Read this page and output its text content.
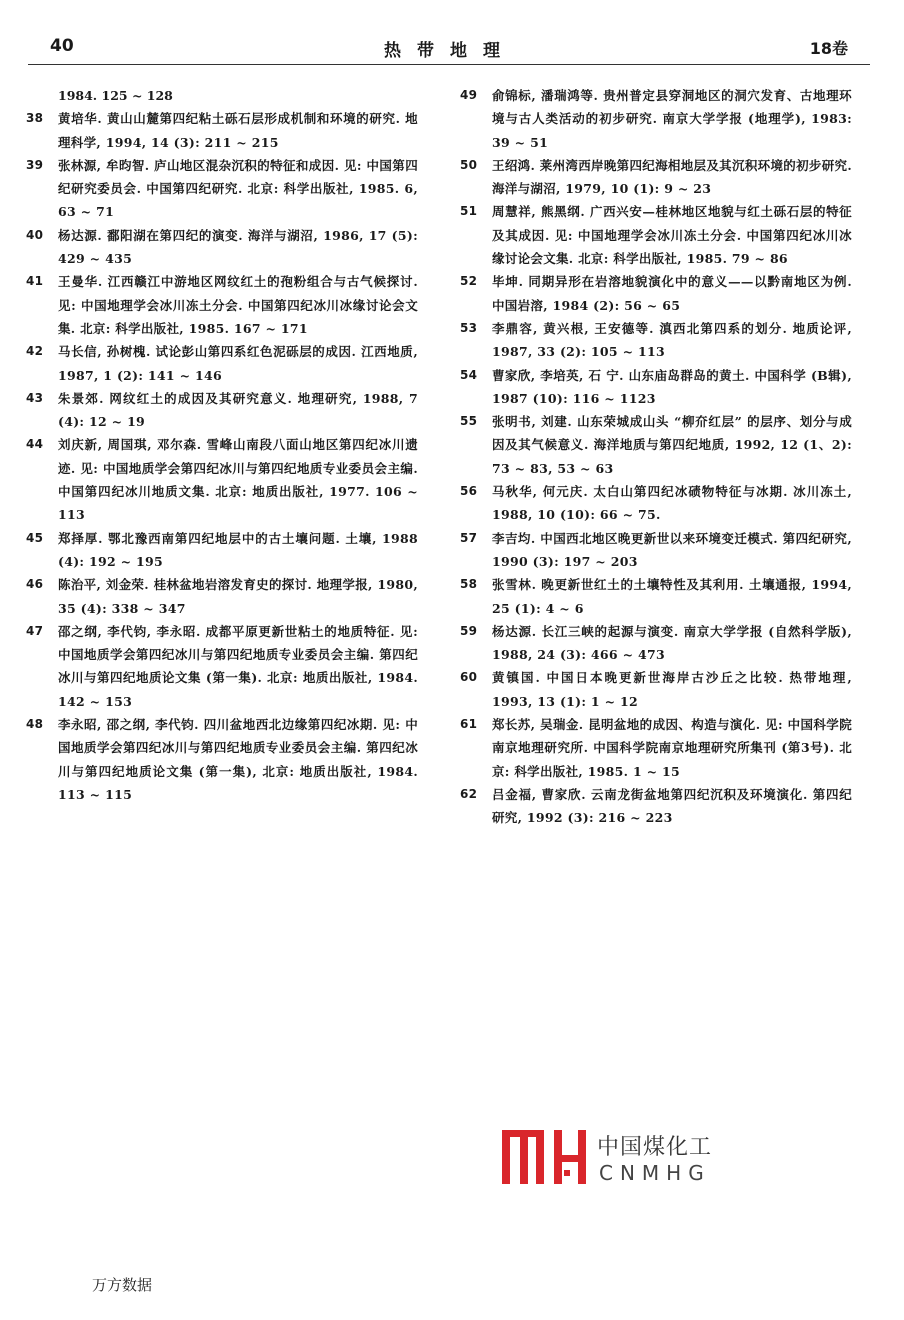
40	热带地理	18卷
1984. 125 ~ 128
38	黄培华. 黄山山麓第四纪粘土砾石层形成机制和环境的研究. 地理科学, 1994, 14 (3): 211 ~ 215
39	张林源, 牟昀智. 庐山地区混杂沉积的特征和成因. 见: 中国第四纪研究委员会. 中国第四纪研究. 北京: 科学出版社, 1985. 6, 63 ~ 71
40	杨达源. 鄱阳湖在第四纪的演变. 海洋与湖沼, 1986, 17 (5): 429 ~ 435
41	王曼华. 江西赣江中游地区网纹红土的孢粉组合与古气候探讨. 见: 中国地理学会冰川冻土分会. 中国第四纪冰川冰缘讨论会文集. 北京: 科学出版社, 1985. 167 ~ 171
42	马长信, 孙树槐. 试论彭山第四系红色泥砾层的成因. 江西地质, 1987, 1 (2): 141 ~ 146
43	朱景郊. 网纹红土的成因及其研究意义. 地理研究, 1988, 7 (4): 12 ~ 19
44	刘庆新, 周国琪, 邓尔森. 雪峰山南段八面山地区第四纪冰川遗迹. 见: 中国地质学会第四纪冰川与第四纪地质专业委员会主编. 中国第四纪冰川地质文集. 北京: 地质出版社, 1977. 106 ~ 113
45	郑择厚. 鄂北豫西南第四纪地层中的古土壤问题. 土壤, 1988 (4): 192 ~ 195
46	陈治平, 刘金荣. 桂林盆地岩溶发育史的探讨. 地理学报, 1980, 35 (4): 338 ~ 347
47	邵之纲, 李代钧, 李永昭. 成都平原更新世粘土的地质特征. 见: 中国地质学会第四纪冰川与第四纪地质专业委员会主编. 第四纪冰川与第四纪地质论文集 (第一集). 北京: 地质出版社, 1984. 142 ~ 153
48	李永昭, 邵之纲, 李代钧. 四川盆地西北边缘第四纪冰期. 见: 中国地质学会第四纪冰川与第四纪地质专业委员会主编. 第四纪冰川与第四纪地质论文集 (第一集), 北京: 地质出版社, 1984. 113 ~ 115
49	俞锦标, 潘瑞鸿等. 贵州普定县穿洞地区的洞穴发育、古地理环境与古人类活动的初步研究. 南京大学学报 (地理学), 1983: 39 ~ 51
50	王绍鸿. 莱州湾西岸晚第四纪海相地层及其沉积环境的初步研究. 海洋与湖沼, 1979, 10 (1): 9 ~ 23
51	周慧祥, 熊黑纲. 广西兴安—桂林地区地貌与红土砾石层的特征及其成因. 见: 中国地理学会冰川冻土分会. 中国第四纪冰川冰缘讨论会文集. 北京: 科学出版社, 1985. 79 ~ 86
52	毕坤. 同期异形在岩溶地貌演化中的意义——以黔南地区为例. 中国岩溶, 1984 (2): 56 ~ 65
53	李鼎容, 黄兴根, 王安德等. 滇西北第四系的划分. 地质论评, 1987, 33 (2): 105 ~ 113
54	曹家欣, 李培英, 石 宁. 山东庙岛群岛的黄土. 中国科学 (B辑), 1987 (10): 116 ~ 1123
55	张明书, 刘建. 山东荣城成山头 “柳夼红层” 的层序、划分与成因及其气候意义. 海洋地质与第四纪地质, 1992, 12 (1、2): 73 ~ 83, 53 ~ 63
56	马秋华, 何元庆. 太白山第四纪冰碛物特征与冰期. 冰川冻土, 1988, 10 (10): 66 ~ 75.
57	李吉均. 中国西北地区晚更新世以来环境变迁模式. 第四纪研究, 1990 (3): 197 ~ 203
58	张雪林. 晚更新世红土的土壤特性及其利用. 土壤通报, 1994, 25 (1): 4 ~ 6
59	杨达源. 长江三峡的起源与演变. 南京大学学报 (自然科学版), 1988, 24 (3): 466 ~ 473
60	黄镇国. 中国日本晚更新世海岸古沙丘之比较. 热带地理, 1993, 13 (1): 1 ~ 12
61	郑长苏, 吴瑞金. 昆明盆地的成因、构造与演化. 见: 中国科学院南京地理研究所. 中国科学院南京地理研究所集刊 (第3号). 北京: 科学出版社, 1985. 1 ~ 15
62	吕金福, 曹家欣. 云南龙街盆地第四纪沉积及环境演化. 第四纪研究, 1992 (3): 216 ~ 223
中国煤化工
CNMHG
万方数据
